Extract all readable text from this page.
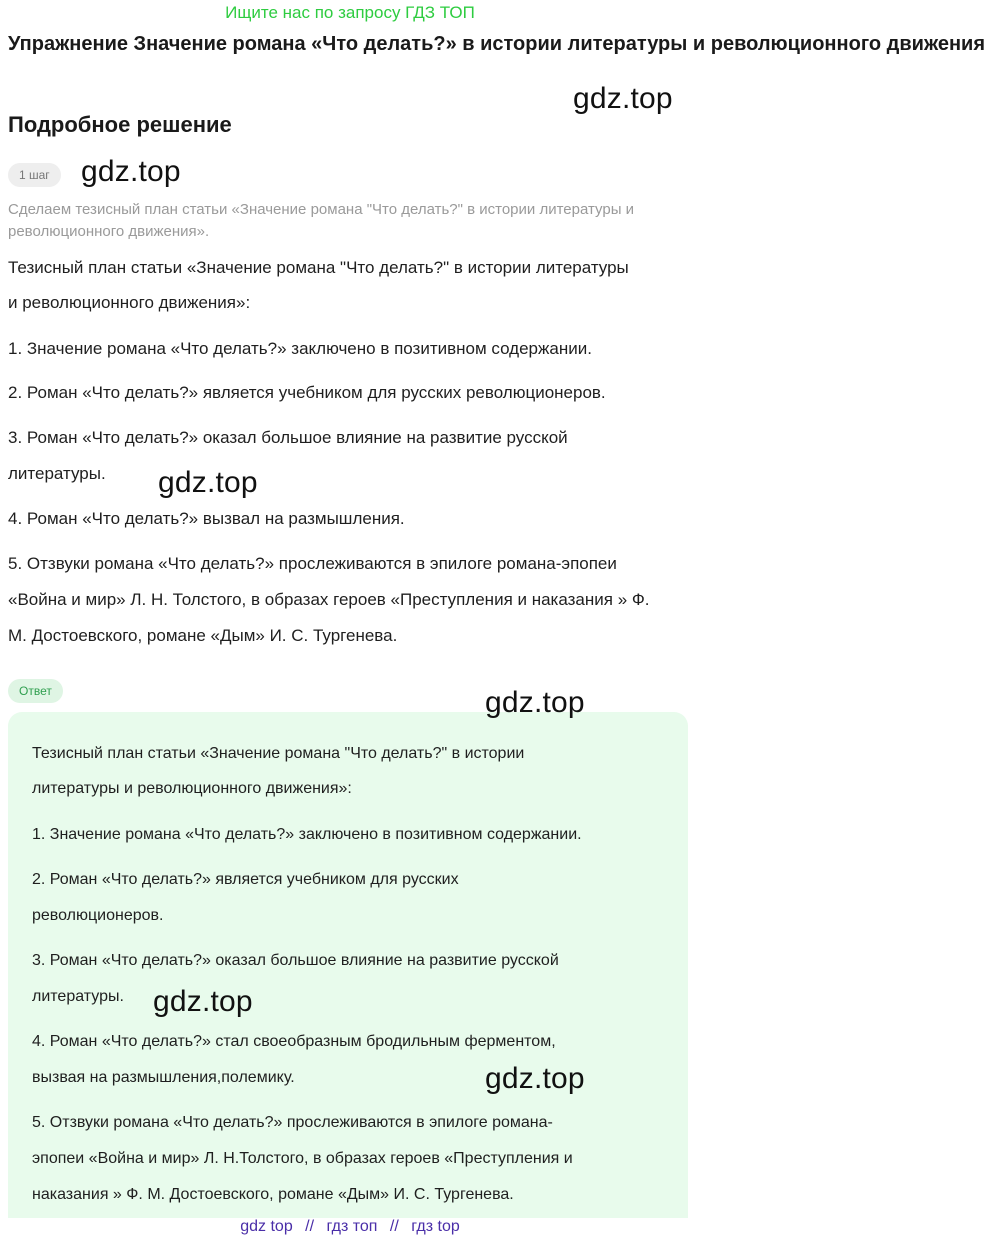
Ищите нас по запросу ГДЗ ТОП
Упражнение Значение романа «Что делать?» в истории литературы и революционного движения
gdz.top
Подробное решение
1 шаг	gdz.top
Сделаем тезисный план статьи «Значение романа "Что делать?" в истории литературы и революционного движения».

Тезисный план статьи «Значение романа "Что делать?" в истории литературы

и революционного движения»:

1. Значение романа «Что делать?» заключено в позитивном содержании.

2. Роман «Что делать?» является учебником для русских революционеров.

3. Роман «Что делать?» оказал большое влияние на развитие русской

литературы. gdz.top

4. Роман «Что делать?» вызвал на размышления.

5. Отзвуки романа «Что делать?» прослеживаются в эпилоге романа-эпопеи

«Война и мир» Л. Н. Толстого, в образах героев «Преступления и наказания » Ф.

М. Достоевского, романе «Дым» И. С. Тургенева.

Ответ	gdz.top

Тезисный план статьи «Значение романа "Что делать?" в истории

литературы и революционного движения»:

1. Значение романа «Что делать?» заключено в позитивном содержании.

2. Роман «Что делать?» является учебником для русских

революционеров.

3. Роман «Что делать?» оказал большое влияние на развитие русской

литературы. gdz.top

4. Роман «Что делать?» стал своеобразным бродильным ферментом,

вызвая на размышления,полемику.	gdz.top

5. Отзвуки романа «Что делать?» прослеживаются в эпилоге романа-

эпопеи «Война и мир» Л. Н.Толстого, в образах героев «Преступления и

наказания » Ф. М. Достоевского, романе «Дым» И. С. Тургенева.

gdz top // гдз топ // гдз top
